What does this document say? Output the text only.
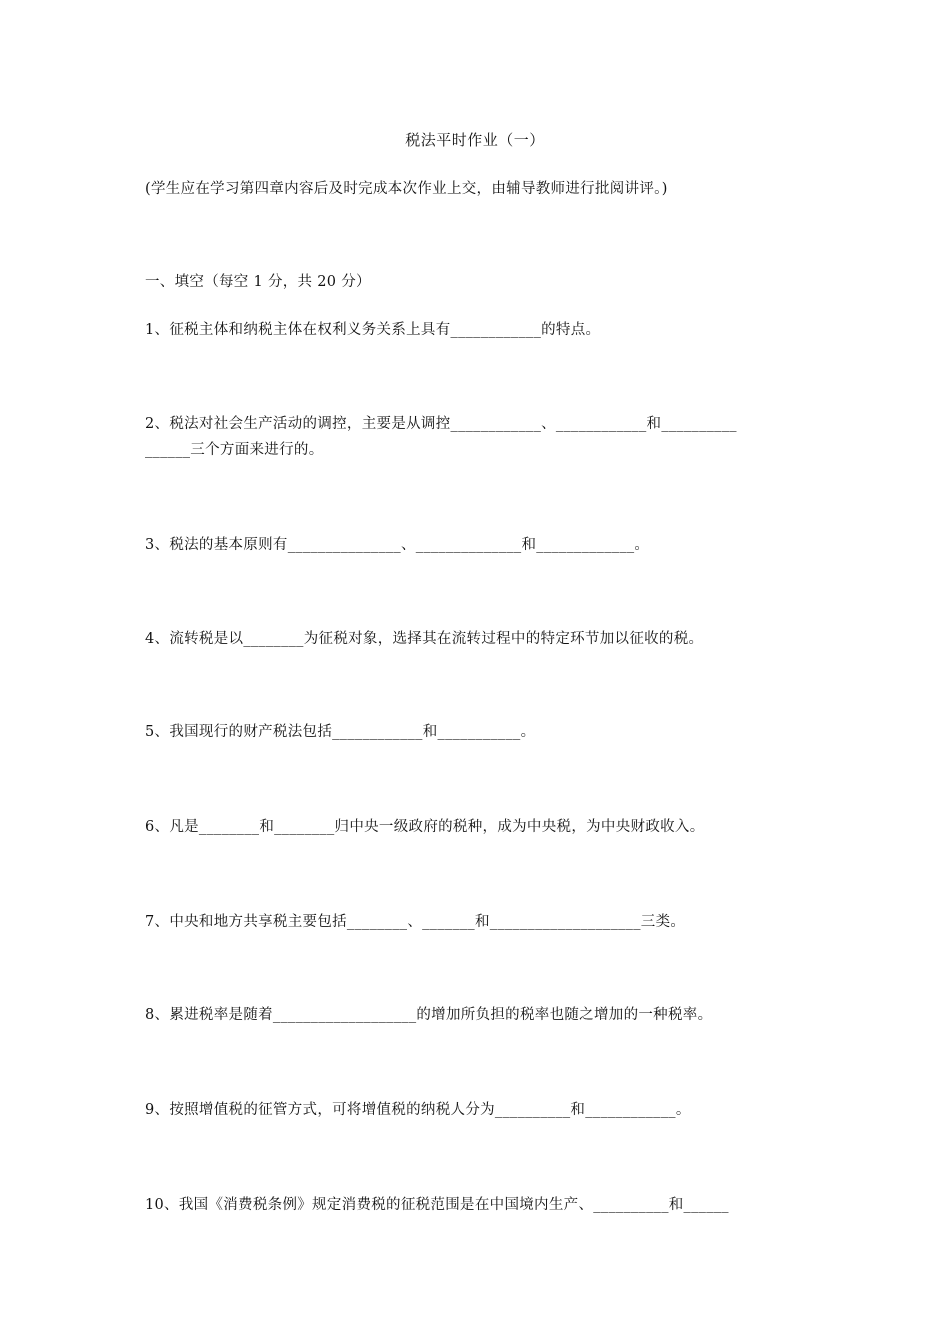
税法平时作业（一）
(学生应在学习第四章内容后及时完成本次作业上交，由辅导教师进行批阅讲评。)
一、填空（每空 1 分，共 20 分）
1、征税主体和纳税主体在权利义务关系上具有____________的特点。
2、税法对社会生产活动的调控，主要是从调控____________、____________和__________
______三个方面来进行的。
3、税法的基本原则有_______________、______________和_____________。
4、流转税是以________为征税对象，选择其在流转过程中的特定环节加以征收的税。
5、我国现行的财产税法包括____________和___________。
6、凡是________和________归中央一级政府的税种，成为中央税，为中央财政收入。
7、中央和地方共享税主要包括________、_______和____________________三类。
8、累进税率是随着___________________的增加所负担的税率也随之增加的一种税率。
9、按照增值税的征管方式，可将增值税的纳税人分为__________和____________。
10、我国《消费税条例》规定消费税的征税范围是在中国境内生产、__________和______
